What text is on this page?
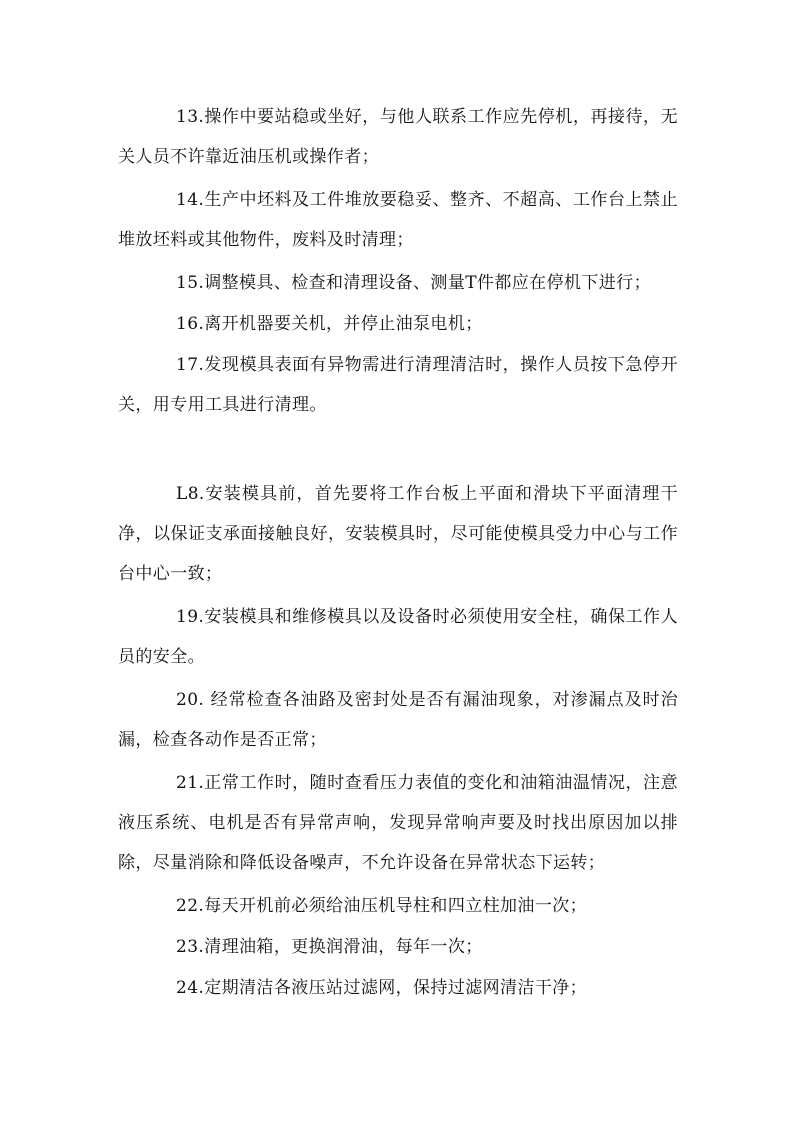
13.操作中要站稳或坐好，与他人联系工作应先停机，再接待，无关人员不许靠近油压机或操作者；

14.生产中坯料及工件堆放要稳妥、整齐、不超高、工作台上禁止堆放坯料或其他物件，废料及时清理；

15.调整模具、检查和清理设备、测量T件都应在停机下进行；

16.离开机器要关机，并停止油泵电机；

17.发现模具表面有异物需进行清理清洁时，操作人员按下急停开关，用专用工具进行清理。

L8.安装模具前，首先要将工作台板上平面和滑块下平面清理干净，以保证支承面接触良好，安装模具时，尽可能使模具受力中心与工作台中心一致；

19.安装模具和维修模具以及设备时必须使用安全柱，确保工作人员的安全。

20. 经常检查各油路及密封处是否有漏油现象，对渗漏点及时治漏，检查各动作是否正常；

21.正常工作时，随时查看压力表值的变化和油箱油温情况，注意液压系统、电机是否有异常声响，发现异常响声要及时找出原因加以排除，尽量消除和降低设备噪声，不允许设备在异常状态下运转；

22.每天开机前必须给油压机导柱和四立柱加油一次；

23.清理油箱，更换润滑油，每年一次；

24.定期清洁各液压站过滤网，保持过滤网清洁干净；
